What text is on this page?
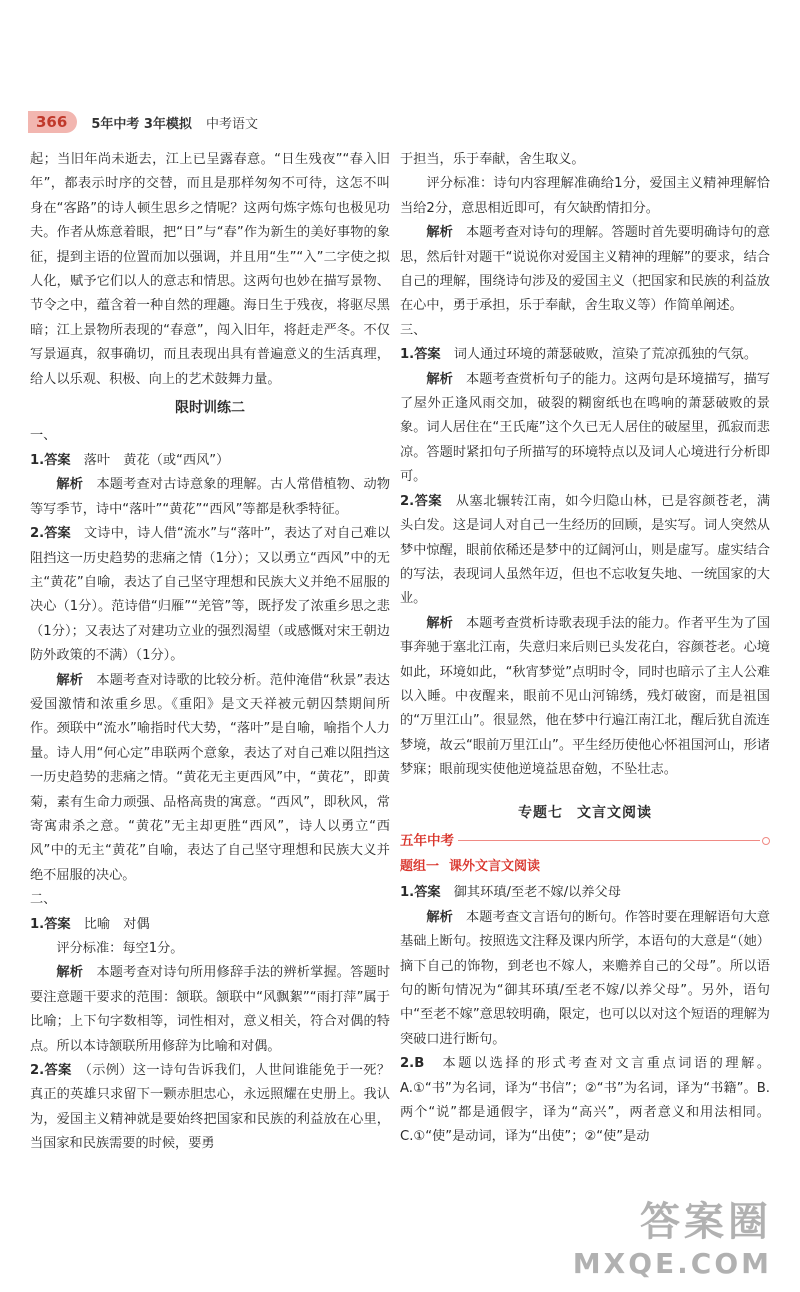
366	5年中考 3年模拟 中考语文

起；当旧年尚未逝去，江上已呈露春意。“日生残夜”“春入旧年”，都表示时序的交替，而且是那样匆匆不可待，这怎不叫身在“客路”的诗人顿生思乡之情呢？这两句炼字炼句也极见功夫。作者从炼意着眼，把“日”与“春”作为新生的美好事物的象征，提到主语的位置而加以强调，并且用“生”“入”二字使之拟人化，赋予它们以人的意志和情思。这两句也妙在描写景物、节令之中，蕴含着一种自然的理趣。海日生于残夜，将驱尽黑暗；江上景物所表现的“春意”，闯入旧年，将赶走严冬。不仅写景逼真，叙事确切，而且表现出具有普遍意义的生活真理，给人以乐观、积极、向上的艺术鼓舞力量。

限时训练二

一、

1.答案　 落叶　黄花（或“西风”）

解析　 本题考查对古诗意象的理解。古人常借植物、动物等写季节，诗中“落叶”“黄花”“西风”等都是秋季特征。

2.答案　 文诗中，诗人借“流水”与“落叶”，表达了对自己难以阻挡这一历史趋势的悲痛之情（1分）；又以勇立“西风”中的无主“黄花”自喻，表达了自己坚守理想和民族大义并绝不屈服的决心（1分）。范诗借“归雁”“羌管”等，既抒发了浓重乡思之悲（1分）；又表达了对建功立业的强烈渴望（或感慨对宋王朝边防外政策的不满）（1分）。

解析　 本题考查对诗歌的比较分析。范仲淹借“秋景”表达爱国激情和浓重乡思。《重阳》是文天祥被元朝囚禁期间所作。颈联中“流水”喻指时代大势，“落叶”是自喻，喻指个人力量。诗人用“何心定”串联两个意象，表达了对自己难以阻挡这一历史趋势的悲痛之情。“黄花无主更西风”中，“黄花”，即黄菊，素有生命力顽强、品格高贵的寓意。“西风”，即秋风，常寄寓肃杀之意。“黄花”无主却更胜“西风”，诗人以勇立“西风”中的无主“黄花”自喻，表达了自己坚守理想和民族大义并绝不屈服的决心。

二、

1.答案　 比喻　对偶

评分标准：每空1分。

解析　 本题考查对诗句所用修辞手法的辨析掌握。答题时要注意题干要求的范围：颔联。颔联中“风飘絮”“雨打萍”属于比喻；上下句字数相等，词性相对，意义相关，符合对偶的特点。所以本诗颔联所用修辞为比喻和对偶。

2.答案　 （示例）这一诗句告诉我们，人世间谁能免于一死？真正的英雄只求留下一颗赤胆忠心，永远照耀在史册上。我认为，爱国主义精神就是要始终把国家和民族的利益放在心里，当国家和民族需要的时候，要勇

于担当，乐于奉献，舍生取义。

评分标准：诗句内容理解准确给1分，爱国主义精神理解恰当给2分，意思相近即可，有欠缺酌情扣分。

解析　 本题考查对诗句的理解。答题时首先要明确诗句的意思，然后针对题干“说说你对爱国主义精神的理解”的要求，结合自己的理解，围绕诗句涉及的爱国主义（把国家和民族的利益放在心中，勇于承担，乐于奉献，舍生取义等）作简单阐述。

三、

1.答案　 词人通过环境的萧瑟破败，渲染了荒凉孤独的气氛。

解析　 本题考查赏析句子的能力。这两句是环境描写，描写了屋外正逢风雨交加，破裂的糊窗纸也在鸣响的萧瑟破败的景象。词人居住在“王氏庵”这个久已无人居住的破屋里，孤寂而悲凉。答题时紧扣句子所描写的环境特点以及词人心境进行分析即可。

2.答案　 从塞北辗转江南，如今归隐山林，已是容颜苍老，满头白发。这是词人对自己一生经历的回顾，是实写。词人突然从梦中惊醒，眼前依稀还是梦中的辽阔河山，则是虚写。虚实结合的写法，表现词人虽然年迈，但也不忘收复失地、一统国家的大业。

解析　 本题考查赏析诗歌表现手法的能力。作者平生为了国事奔驰于塞北江南，失意归来后则已头发花白，容颜苍老。心境如此，环境如此，“秋宵梦觉”点明时令，同时也暗示了主人公难以入睡。中夜醒来，眼前不见山河锦绣，残灯破窗，而是祖国的“万里江山”。很显然，他在梦中行遍江南江北，醒后犹自流连梦境，故云“眼前万里江山”。平生经历使他心怀祖国河山，形诸梦寐；眼前现实使他逆境益思奋勉，不坠壮志。

专题七 文言文阅读
五年中考
题组一 课外文言文阅读

1.答案　 御其环瑱/至老不嫁/以养父母

解析　 本题考查文言语句的断句。作答时要在理解语句大意基础上断句。按照选文注释及课内所学，本语句的大意是“（她）摘下自己的饰物，到老也不嫁人，来赡养自己的父母”。所以语句的断句情况为“御其环瑱/至老不嫁/以养父母”。另外，语句中“至老不嫁”意思较明确，限定，也可以以对这个短语的理解为突破口进行断句。

2.B　 本题以选择的形式考查对文言重点词语的理解。A.①“书”为名词，译为“书信”；②“书”为名词，译为“书籍”。B.两个“说”都是通假字，译为“高兴”，两者意义和用法相同。C.①“使”是动词，译为“出使”；②“使”是动

答案圈
MXQE.COM
